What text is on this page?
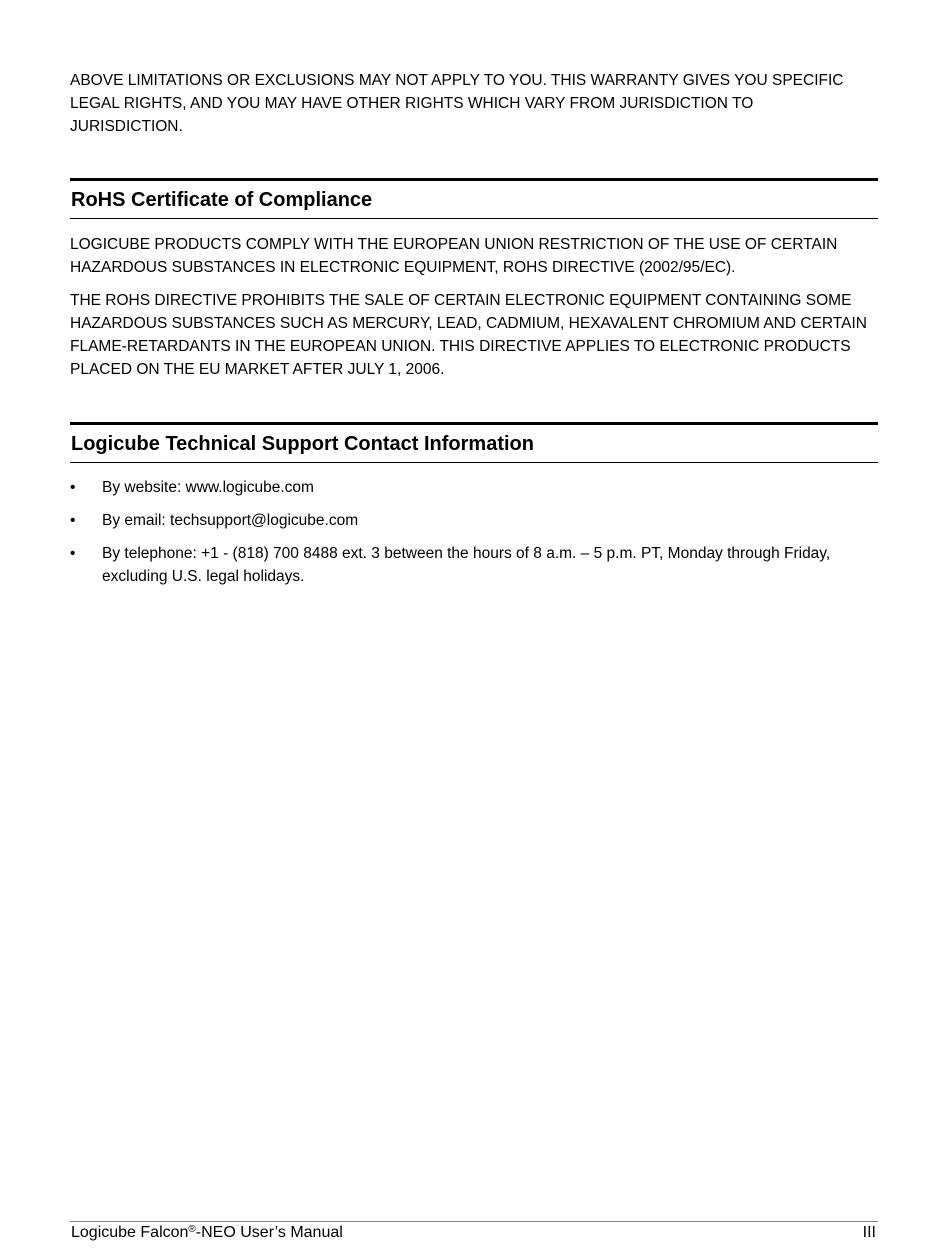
ABOVE LIMITATIONS OR EXCLUSIONS MAY NOT APPLY TO YOU. THIS WARRANTY GIVES YOU SPECIFIC LEGAL RIGHTS, AND YOU MAY HAVE OTHER RIGHTS WHICH VARY FROM JURISDICTION TO JURISDICTION.

RoHS Certificate of Compliance

LOGICUBE PRODUCTS COMPLY WITH THE EUROPEAN UNION RESTRICTION OF THE USE OF CERTAIN HAZARDOUS SUBSTANCES IN ELECTRONIC EQUIPMENT, ROHS DIRECTIVE (2002/95/EC).

THE ROHS DIRECTIVE PROHIBITS THE SALE OF CERTAIN ELECTRONIC EQUIPMENT CONTAINING SOME HAZARDOUS SUBSTANCES SUCH AS MERCURY, LEAD, CADMIUM, HEXAVALENT CHROMIUM AND CERTAIN FLAME-RETARDANTS IN THE EUROPEAN UNION. THIS DIRECTIVE APPLIES TO ELECTRONIC PRODUCTS PLACED ON THE EU MARKET AFTER JULY 1, 2006.

Logicube Technical Support Contact Information
• By website: www.logicube.com
• By email: techsupport@logicube.com
• By telephone: +1 - (818) 700 8488 ext. 3 between the hours of 8 a.m. – 5 p.m. PT, Monday through Friday, excluding U.S. legal holidays.
Logicube Falcon®-NEO User’s Manual	III
